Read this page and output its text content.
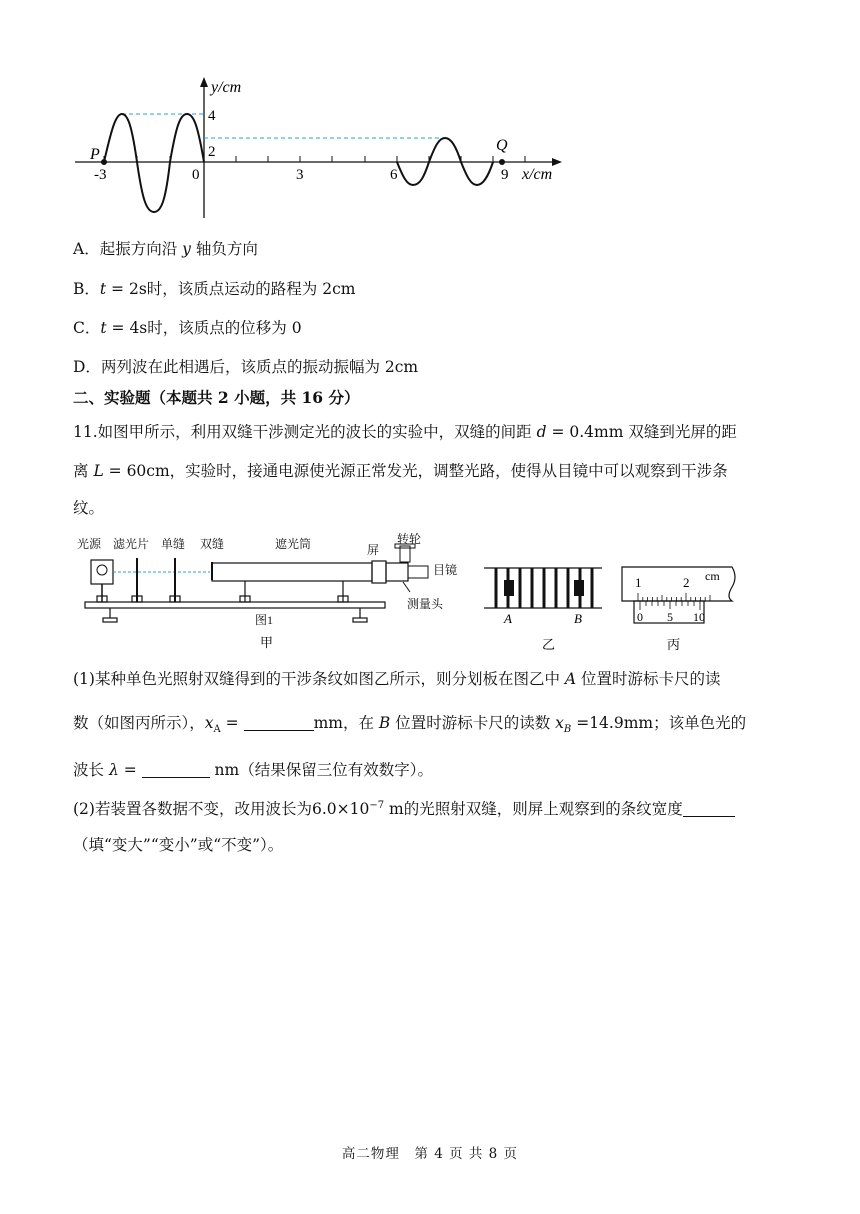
y/cm
4
2
P
Q
-3	0	3	6	9 x/cm
A．起振方向沿 y 轴负方向
B．t = 2s时，该质点运动的路程为 2cm
C．t = 4s时，该质点的位移为 0
D．两列波在此相遇后，该质点的振动振幅为 2cm
二、实验题（本题共 2 小题，共 16 分）
11.如图甲所示，利用双缝干涉测定光的波长的实验中，双缝的间距 d = 0.4mm 双缝到光屏的距
离 L = 60cm，实验时，接通电源使光源正常发光，调整光路，使得从目镜中可以观察到干涉条
纹。
光源 滤光片 单缝 双缝	遮光筒	屏
转轮
目镜
测量头
图1
甲
A	B
乙
1	2 cm
0 5 10
丙
(1)某种单色光照射双缝得到的干涉条纹如图乙所示，则分划板在图乙中 A 位置时游标卡尺的读
数（如图丙所示），$x_A$ =	mm，在 B 位置时游标卡尺的读数 $x_B =14.9mm$；该单色光的
波长 λ =	nm（结果保留三位有效数字）。
(2)若装置各数据不变，改用波长为$6.0\times 10^{-7}$ m的光照射双缝，则屏上观察到的条纹宽度
（填“变大”“变小”或“不变”）。
高二物理　第 4 页 共 8 页
